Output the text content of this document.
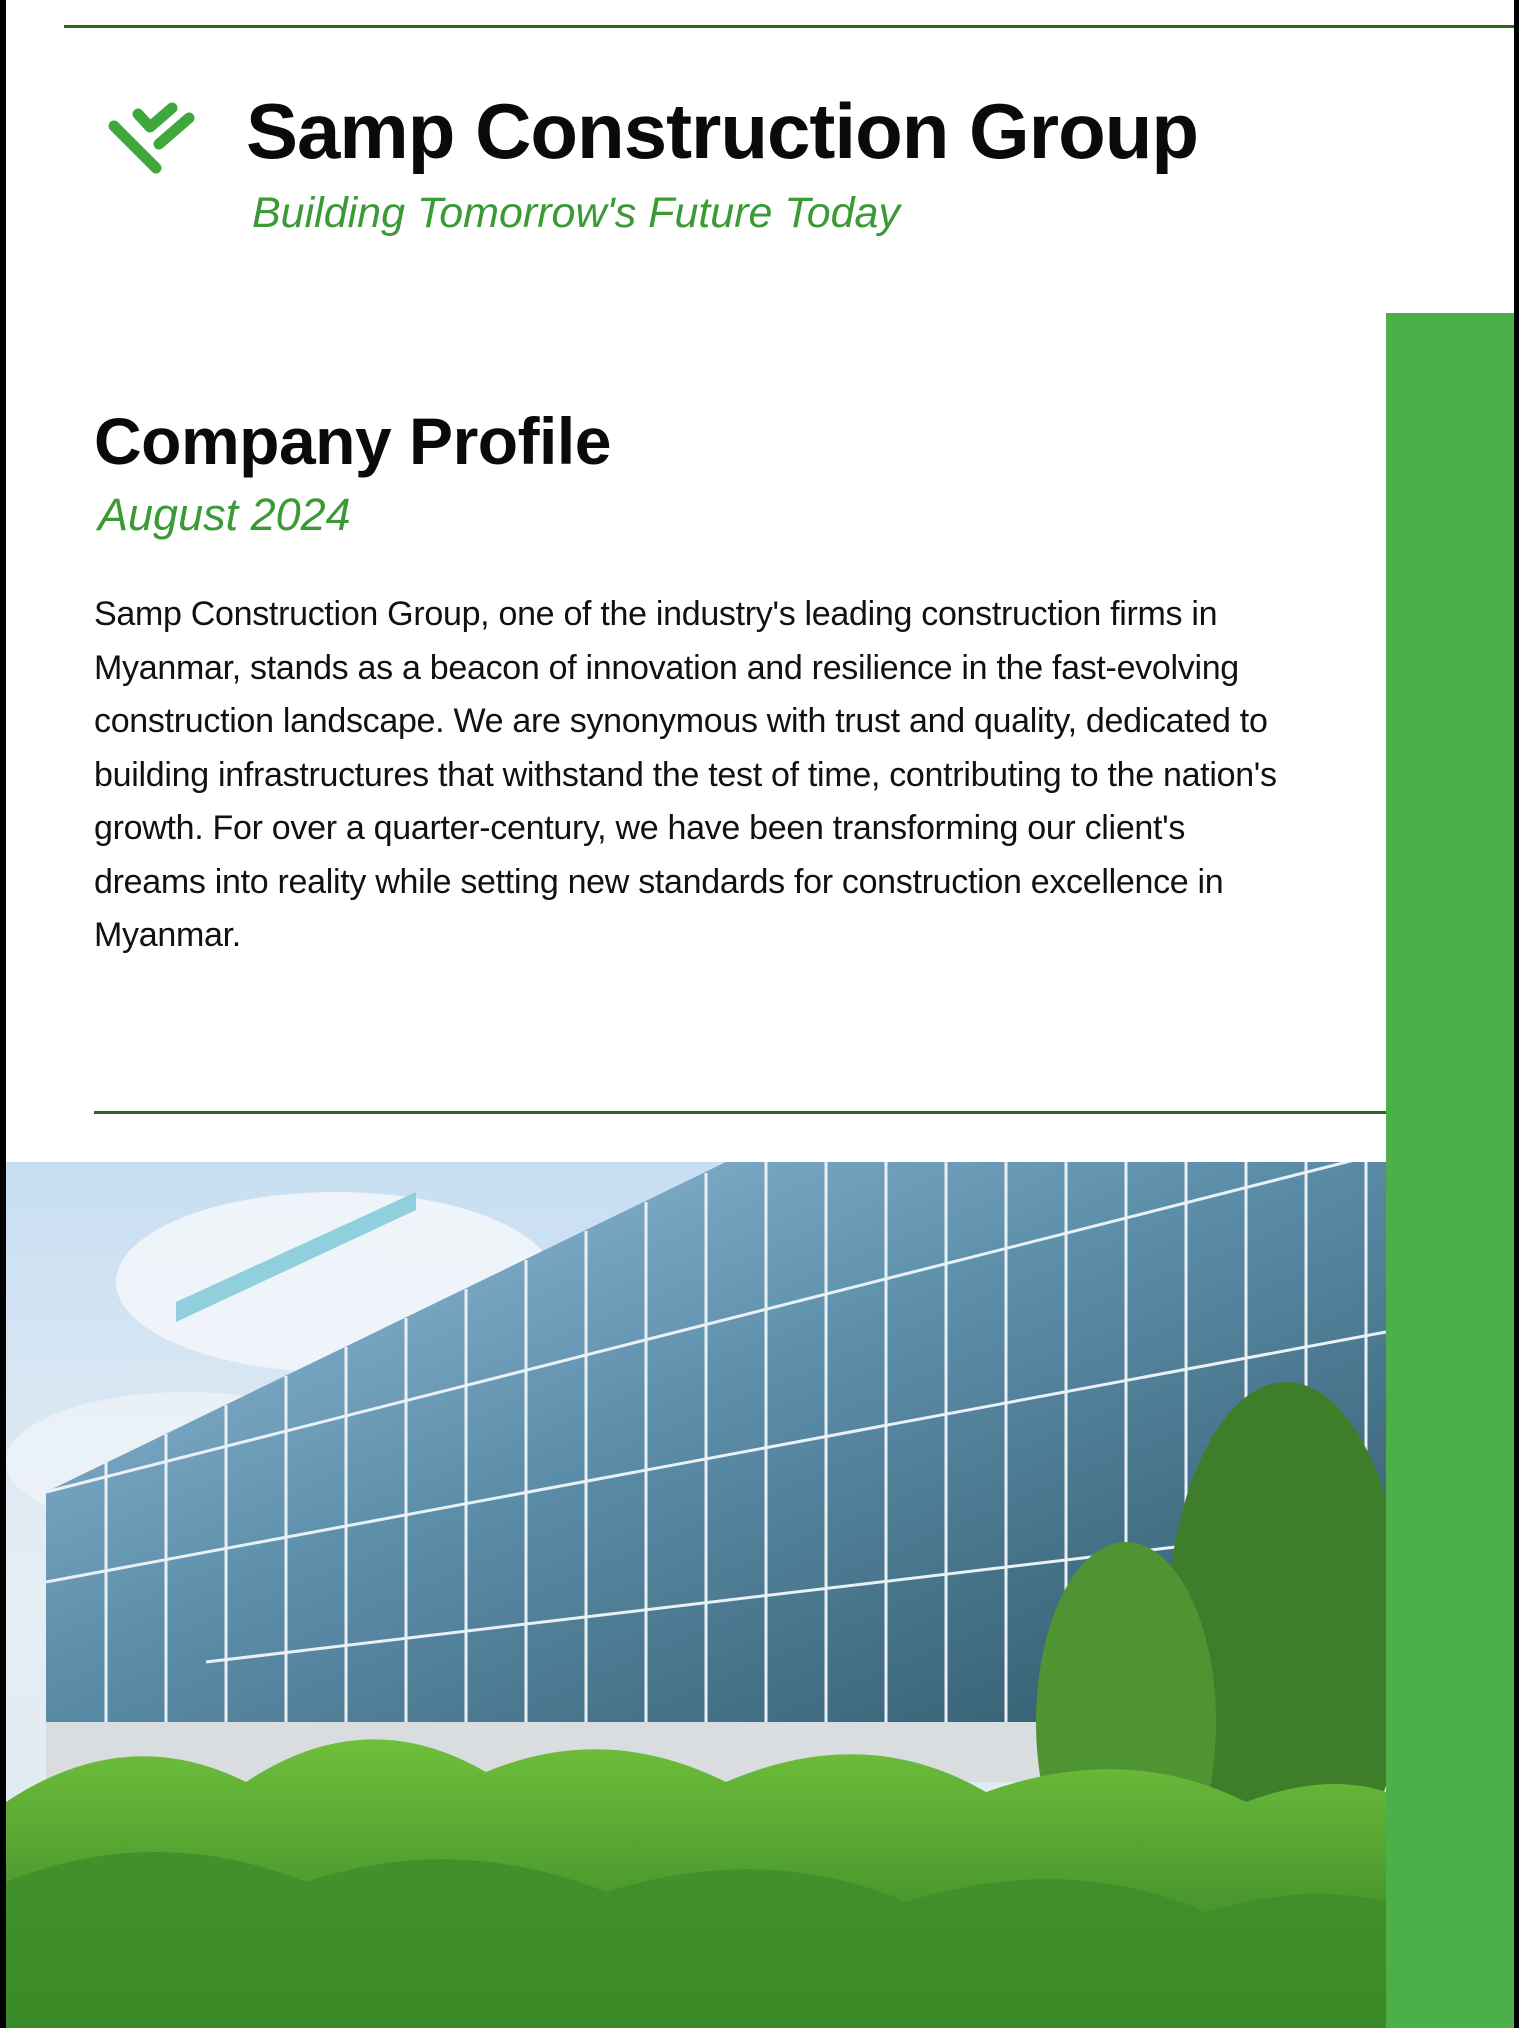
Samp Construction Group

Building Tomorrow's Future Today

Company Profile

August 2024

Samp Construction Group, one of the industry's leading construction firms in Myanmar, stands as a beacon of innovation and resilience in the fast-evolving construction landscape. We are synonymous with trust and quality, dedicated to building infrastructures that withstand the test of time, contributing to the nation's growth. For over a quarter-century, we have been transforming our client's dreams into reality while setting new standards for construction excellence in Myanmar.
